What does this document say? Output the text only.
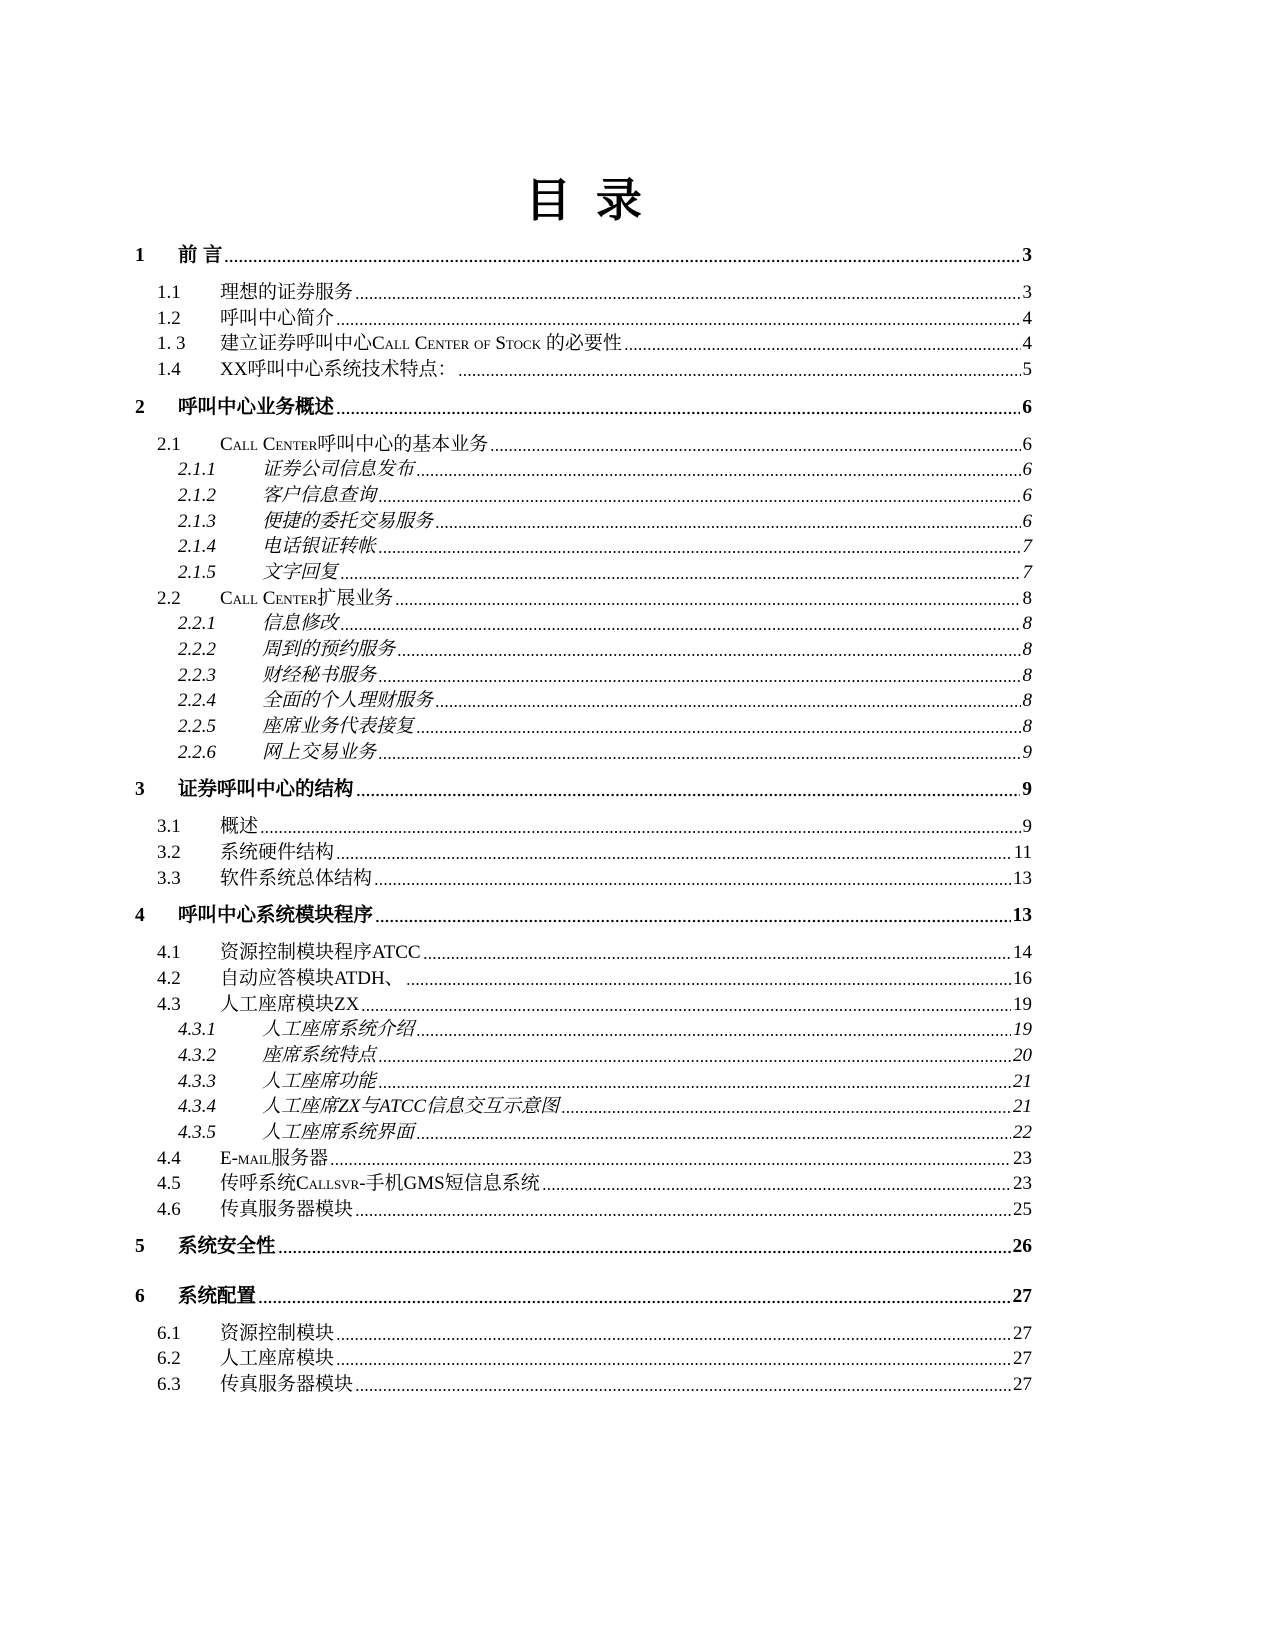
目 录
1 前 言	3
1.1 理想的证券服务	3
1.2 呼叫中心简介	4
1. 3 建立证券呼叫中心Call Center of Stock 的必要性	4
1.4 XX呼叫中心系统技术特点：	5
2 呼叫中心业务概述	6
2.1 Call Center呼叫中心的基本业务	6
2.1.1 证券公司信息发布	6
2.1.2 客户信息查询	6
2.1.3 便捷的委托交易服务	6
2.1.4 电话银证转帐	7
2.1.5 文字回复	7
2.2 Call Center扩展业务	8
2.2.1 信息修改	8
2.2.2 周到的预约服务	8
2.2.3 财经秘书服务	8
2.2.4 全面的个人理财服务	8
2.2.5 座席业务代表接复	8
2.2.6 网上交易业务	9
3 证券呼叫中心的结构	9
3.1 概述	9
3.2 系统硬件结构	11
3.3 软件系统总体结构	13
4 呼叫中心系统模块程序	13
4.1 资源控制模块程序ATCC	14
4.2 自动应答模块ATDH、	16
4.3 人工座席模块ZX	19
4.3.1 人工座席系统介绍	19
4.3.2 座席系统特点	20
4.3.3 人工座席功能	21
4.3.4 人工座席ZX与ATCC信息交互示意图	21
4.3.5 人工座席系统界面	22
4.4 E-mail服务器	23
4.5 传呼系统Callsvr-手机GMS短信息系统	23
4.6 传真服务器模块	25
5 系统安全性	26
6 系统配置	27
6.1 资源控制模块	27
6.2 人工座席模块	27
6.3 传真服务器模块	27
